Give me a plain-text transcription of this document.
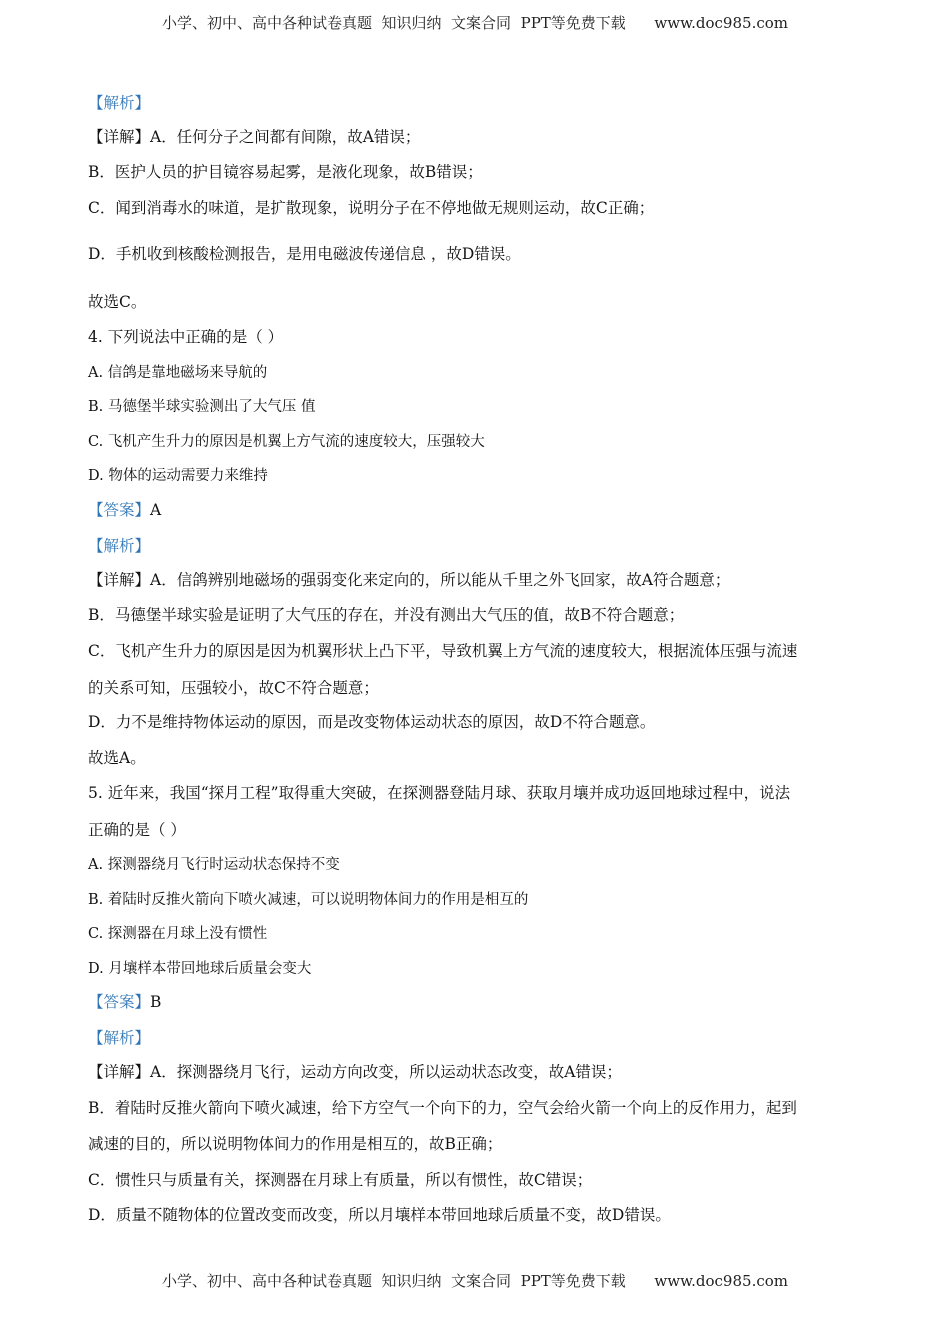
小学、初中、高中各种试卷真题  知识归纳  文案合同  PPT等免费下载      www.doc985.com
【解析】
【详解】A．任何分子之间都有间隙，故A错误；
B．医护人员的护目镜容易起雾，是液化现象，故B错误；
C．闻到消毒水的味道，是扩散现象，说明分子在不停地做无规则运动，故C正确；
D．手机收到核酸检测报告，是用电磁波传递信息 ，故D错误。
故选C。
4. 下列说法中正确的是（ ）
A. 信鸽是靠地磁场来导航的
B. 马德堡半球实验测出了大气压 值
C. 飞机产生升力的原因是机翼上方气流的速度较大，压强较大
D. 物体的运动需要力来维持
【答案】A
【解析】
【详解】A．信鸽辨别地磁场的强弱变化来定向的，所以能从千里之外飞回家，故A符合题意；
B．马德堡半球实验是证明了大气压的存在，并没有测出大气压的值，故B不符合题意；
C．飞机产生升力的原因是因为机翼形状上凸下平，导致机翼上方气流的速度较大，根据流体压强与流速
的关系可知，压强较小，故C不符合题意；
D．力不是维持物体运动的原因，而是改变物体运动状态的原因，故D不符合题意。
故选A。
5. 近年来，我国“探月工程”取得重大突破，在探测器登陆月球、获取月壤并成功返回地球过程中，说法
正确的是（ ）
A. 探测器绕月飞行时运动状态保持不变
B. 着陆时反推火箭向下喷火减速，可以说明物体间力的作用是相互的
C. 探测器在月球上没有惯性
D. 月壤样本带回地球后质量会变大
【答案】B
【解析】
【详解】A．探测器绕月飞行，运动方向改变，所以运动状态改变，故A错误；
B．着陆时反推火箭向下喷火减速，给下方空气一个向下的力，空气会给火箭一个向上的反作用力，起到
减速的目的，所以说明物体间力的作用是相互的，故B正确；
C．惯性只与质量有关，探测器在月球上有质量，所以有惯性，故C错误；
D．质量不随物体的位置改变而改变，所以月壤样本带回地球后质量不变，故D错误。
小学、初中、高中各种试卷真题  知识归纳  文案合同  PPT等免费下载      www.doc985.com
